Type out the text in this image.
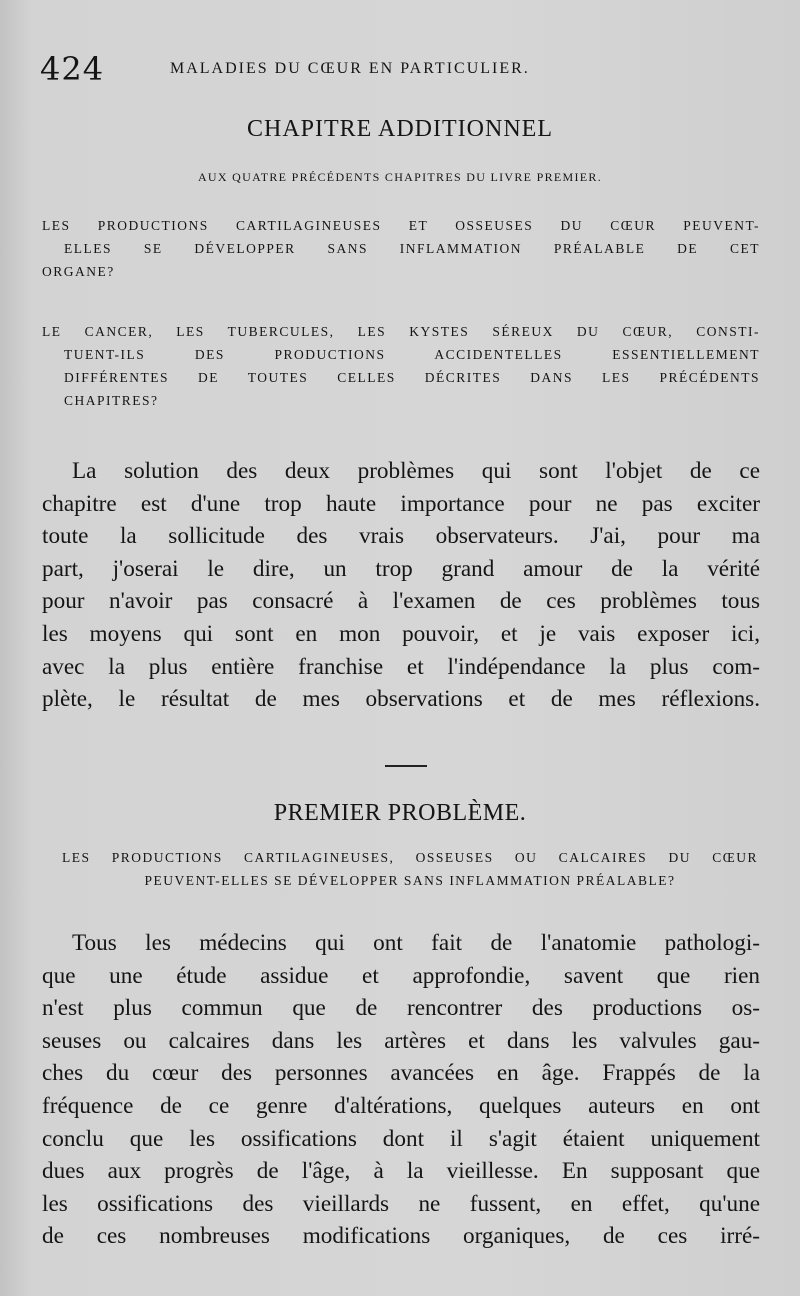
424	MALADIES DU CŒUR EN PARTICULIER.
CHAPITRE ADDITIONNEL
AUX QUATRE PRÉCÉDENTS CHAPITRES DU LIVRE PREMIER.
LES PRODUCTIONS CARTILAGINEUSES ET OSSEUSES DU CŒUR PEUVENT-
ELLES SE DÉVELOPPER SANS INFLAMMATION PRÉALABLE DE CET
ORGANE?
LE CANCER, LES TUBERCULES, LES KYSTES SÉREUX DU CŒUR, CONSTI-
TUENT-ILS DES PRODUCTIONS ACCIDENTELLES ESSENTIELLEMENT
DIFFÉRENTES DE TOUTES CELLES DÉCRITES DANS LES PRÉCÉDENTS
CHAPITRES?
La solution des deux problèmes qui sont l'objet de ce
chapitre est d'une trop haute importance pour ne pas exciter
toute la sollicitude des vrais observateurs. J'ai, pour ma
part, j'oserai le dire, un trop grand amour de la vérité
pour n'avoir pas consacré à l'examen de ces problèmes tous
les moyens qui sont en mon pouvoir, et je vais exposer ici,
avec la plus entière franchise et l'indépendance la plus com-
plète, le résultat de mes observations et de mes réflexions.
PREMIER PROBLÈME.
LES PRODUCTIONS CARTILAGINEUSES, OSSEUSES OU CALCAIRES DU CŒUR
PEUVENT-ELLES SE DÉVELOPPER SANS INFLAMMATION PRÉALABLE?
Tous les médecins qui ont fait de l'anatomie pathologi-
que une étude assidue et approfondie, savent que rien
n'est plus commun que de rencontrer des productions os-
seuses ou calcaires dans les artères et dans les valvules gau-
ches du cœur des personnes avancées en âge. Frappés de la
fréquence de ce genre d'altérations, quelques auteurs en ont
conclu que les ossifications dont il s'agit étaient uniquement
dues aux progrès de l'âge, à la vieillesse. En supposant que
les ossifications des vieillards ne fussent, en effet, qu'une
de ces nombreuses modifications organiques, de ces irré-
